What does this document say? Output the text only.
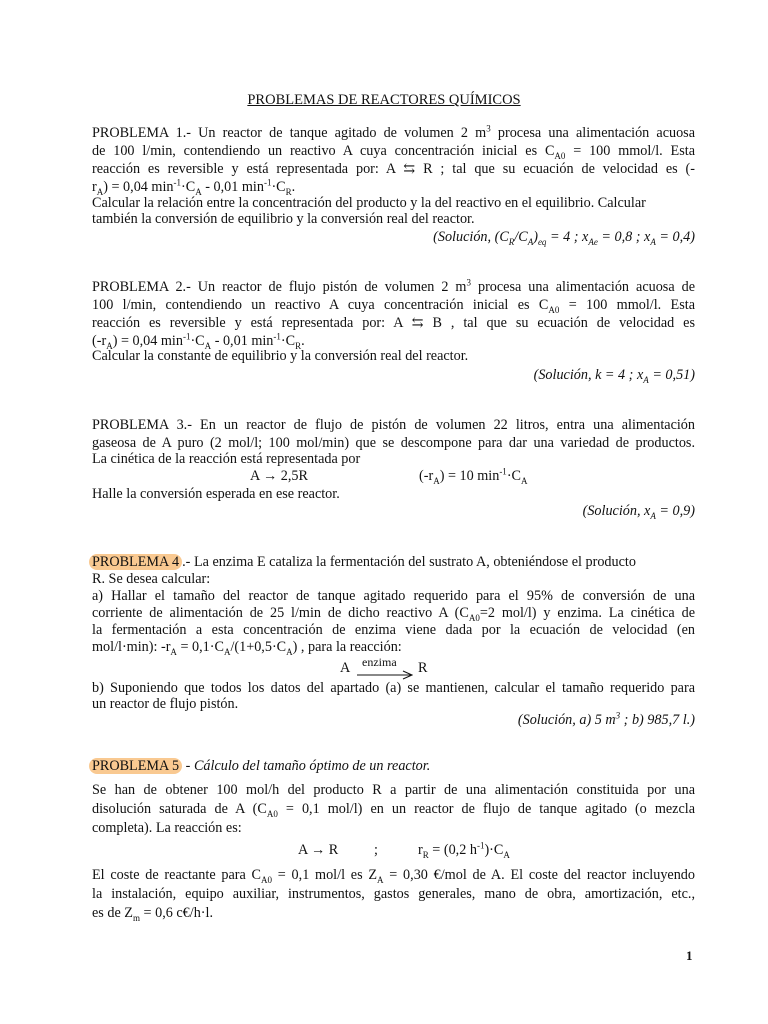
PROBLEMAS DE REACTORES QUÍMICOS
PROBLEMA 1.- Un reactor de tanque agitado de volumen 2 $m^3$ procesa una alimentación acuosa
de 100 l/min, contendiendo un reactivo A cuya concentración inicial es $C_{A0} = 100$ mmol/l. Esta
reacción es reversible y está representada por: A ⇆ R ; tal que su ecuación de velocidad es (-
$r_A) = 0,04$ $\min^{-1}\cdot C_A - 0,01$ $\min^{-1}\cdot C_R$.
Calcular la relación entre la concentración del producto y la del reactivo en el equilibrio. Calcular
también la conversión de equilibrio y la conversión real del reactor.
(Solución, $(C_R/C_A)_{eq} = 4$ ; $x_{Ae} = 0,8$ ; $x_A = 0,4$)
PROBLEMA 2.- Un reactor de flujo pistón de volumen 2 $m^3$ procesa una alimentación acuosa de
100 l/min, contendiendo un reactivo A cuya concentración inicial es $C_{A0} = 100$ mmol/l. Esta
reacción es reversible y está representada por: A ⇆ B , tal que su ecuación de velocidad es
$(-r_A) = 0,04$ $\min^{-1}\cdot C_A - 0,01$ $\min^{-1}\cdot C_R$.
Calcular la constante de equilibrio y la conversión real del reactor.
(Solución, k = 4 ; $x_A = 0,51$)
PROBLEMA 3.- En un reactor de flujo de pistón de volumen 22 litros, entra una alimentación
gaseosa de A puro (2 mol/l; 100 mol/min) que se descompone para dar una variedad de productos.
La cinética de la reacción está representada por
A → 2,5R	$(-r_A) = 10$ $\min^{-1}\cdot C_A$
Halle la conversión esperada en ese reactor.
(Solución, $x_A = 0,9$)
PROBLEMA 4 .- La enzima E cataliza la fermentación del sustrato A, obteniéndose el producto
R. Se desea calcular:
a) Hallar el tamaño del reactor de tanque agitado requerido para el 95% de conversión de una
corriente de alimentación de 25 l/min de dicho reactivo A ($C_{A0}=2$ mol/l) y enzima. La cinética de
la fermentación a esta concentración de enzima viene dada por la ecuación de velocidad (en
mol/l·min): $-r_A = 0,1\cdot C_A/(1+0,5\cdot C_A)$ , para la reacción:
A enzima → R
b) Suponiendo que todos los datos del apartado (a) se mantienen, calcular el tamaño requerido para
un reactor de flujo pistón.
(Solución, a) 5 $m^3$ ; b) 985,7 l.)
PROBLEMA 5 - Cálculo del tamaño óptimo de un reactor.
Se han de obtener 100 mol/h del producto R a partir de una alimentación constituida por una
disolución saturada de A ($C_{A0} = 0,1$ mol/l) en un reactor de flujo de tanque agitado (o mezcla
completa). La reacción es:
A → R	;	$r_R = (0,2$ $h^{-1})\cdot C_A$
El coste de reactante para $C_{A0} = 0,1$ mol/l es $Z_A = 0,30$ €/mol de A. El coste del reactor incluyendo
la instalación, equipo auxiliar, instrumentos, gastos generales, mano de obra, amortización, etc.,
es de $Z_m = 0,6$ c€/h·l.
1
